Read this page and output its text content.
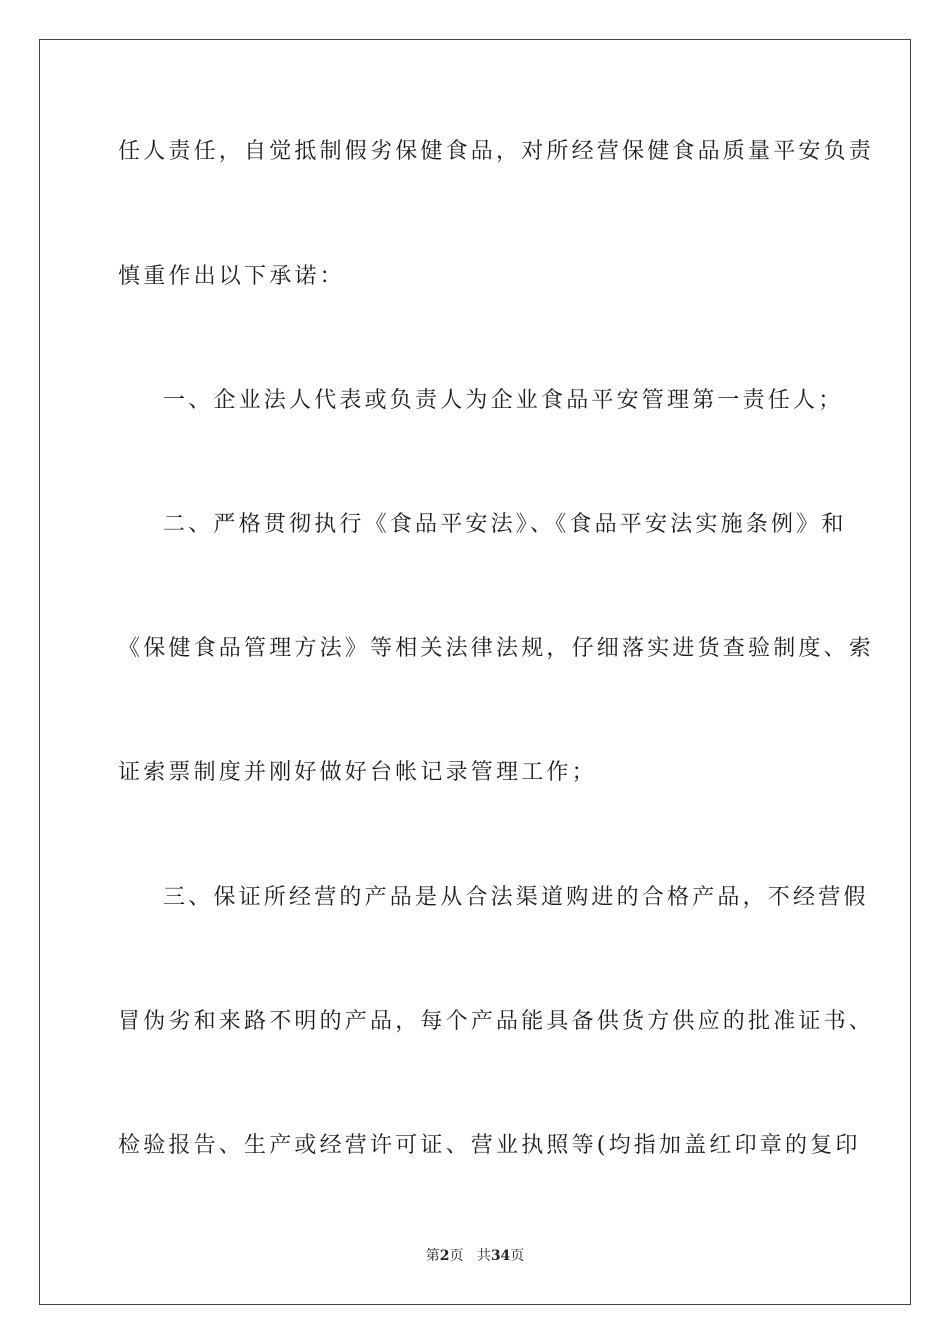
任人责任，自觉抵制假劣保健食品，对所经营保健食品质量平安负责
慎重作出以下承诺：
一、企业法人代表或负责人为企业食品平安管理第一责任人；
二、严格贯彻执行《食品平安法》、《食品平安法实施条例》和
《保健食品管理方法》等相关法律法规，仔细落实进货查验制度、索
证索票制度并刚好做好台帐记录管理工作；
三、保证所经营的产品是从合法渠道购进的合格产品，不经营假
冒伪劣和来路不明的产品，每个产品能具备供货方供应的批准证书、
检验报告、生产或经营许可证、营业执照等(均指加盖红印章的复印
第2页 共34页
